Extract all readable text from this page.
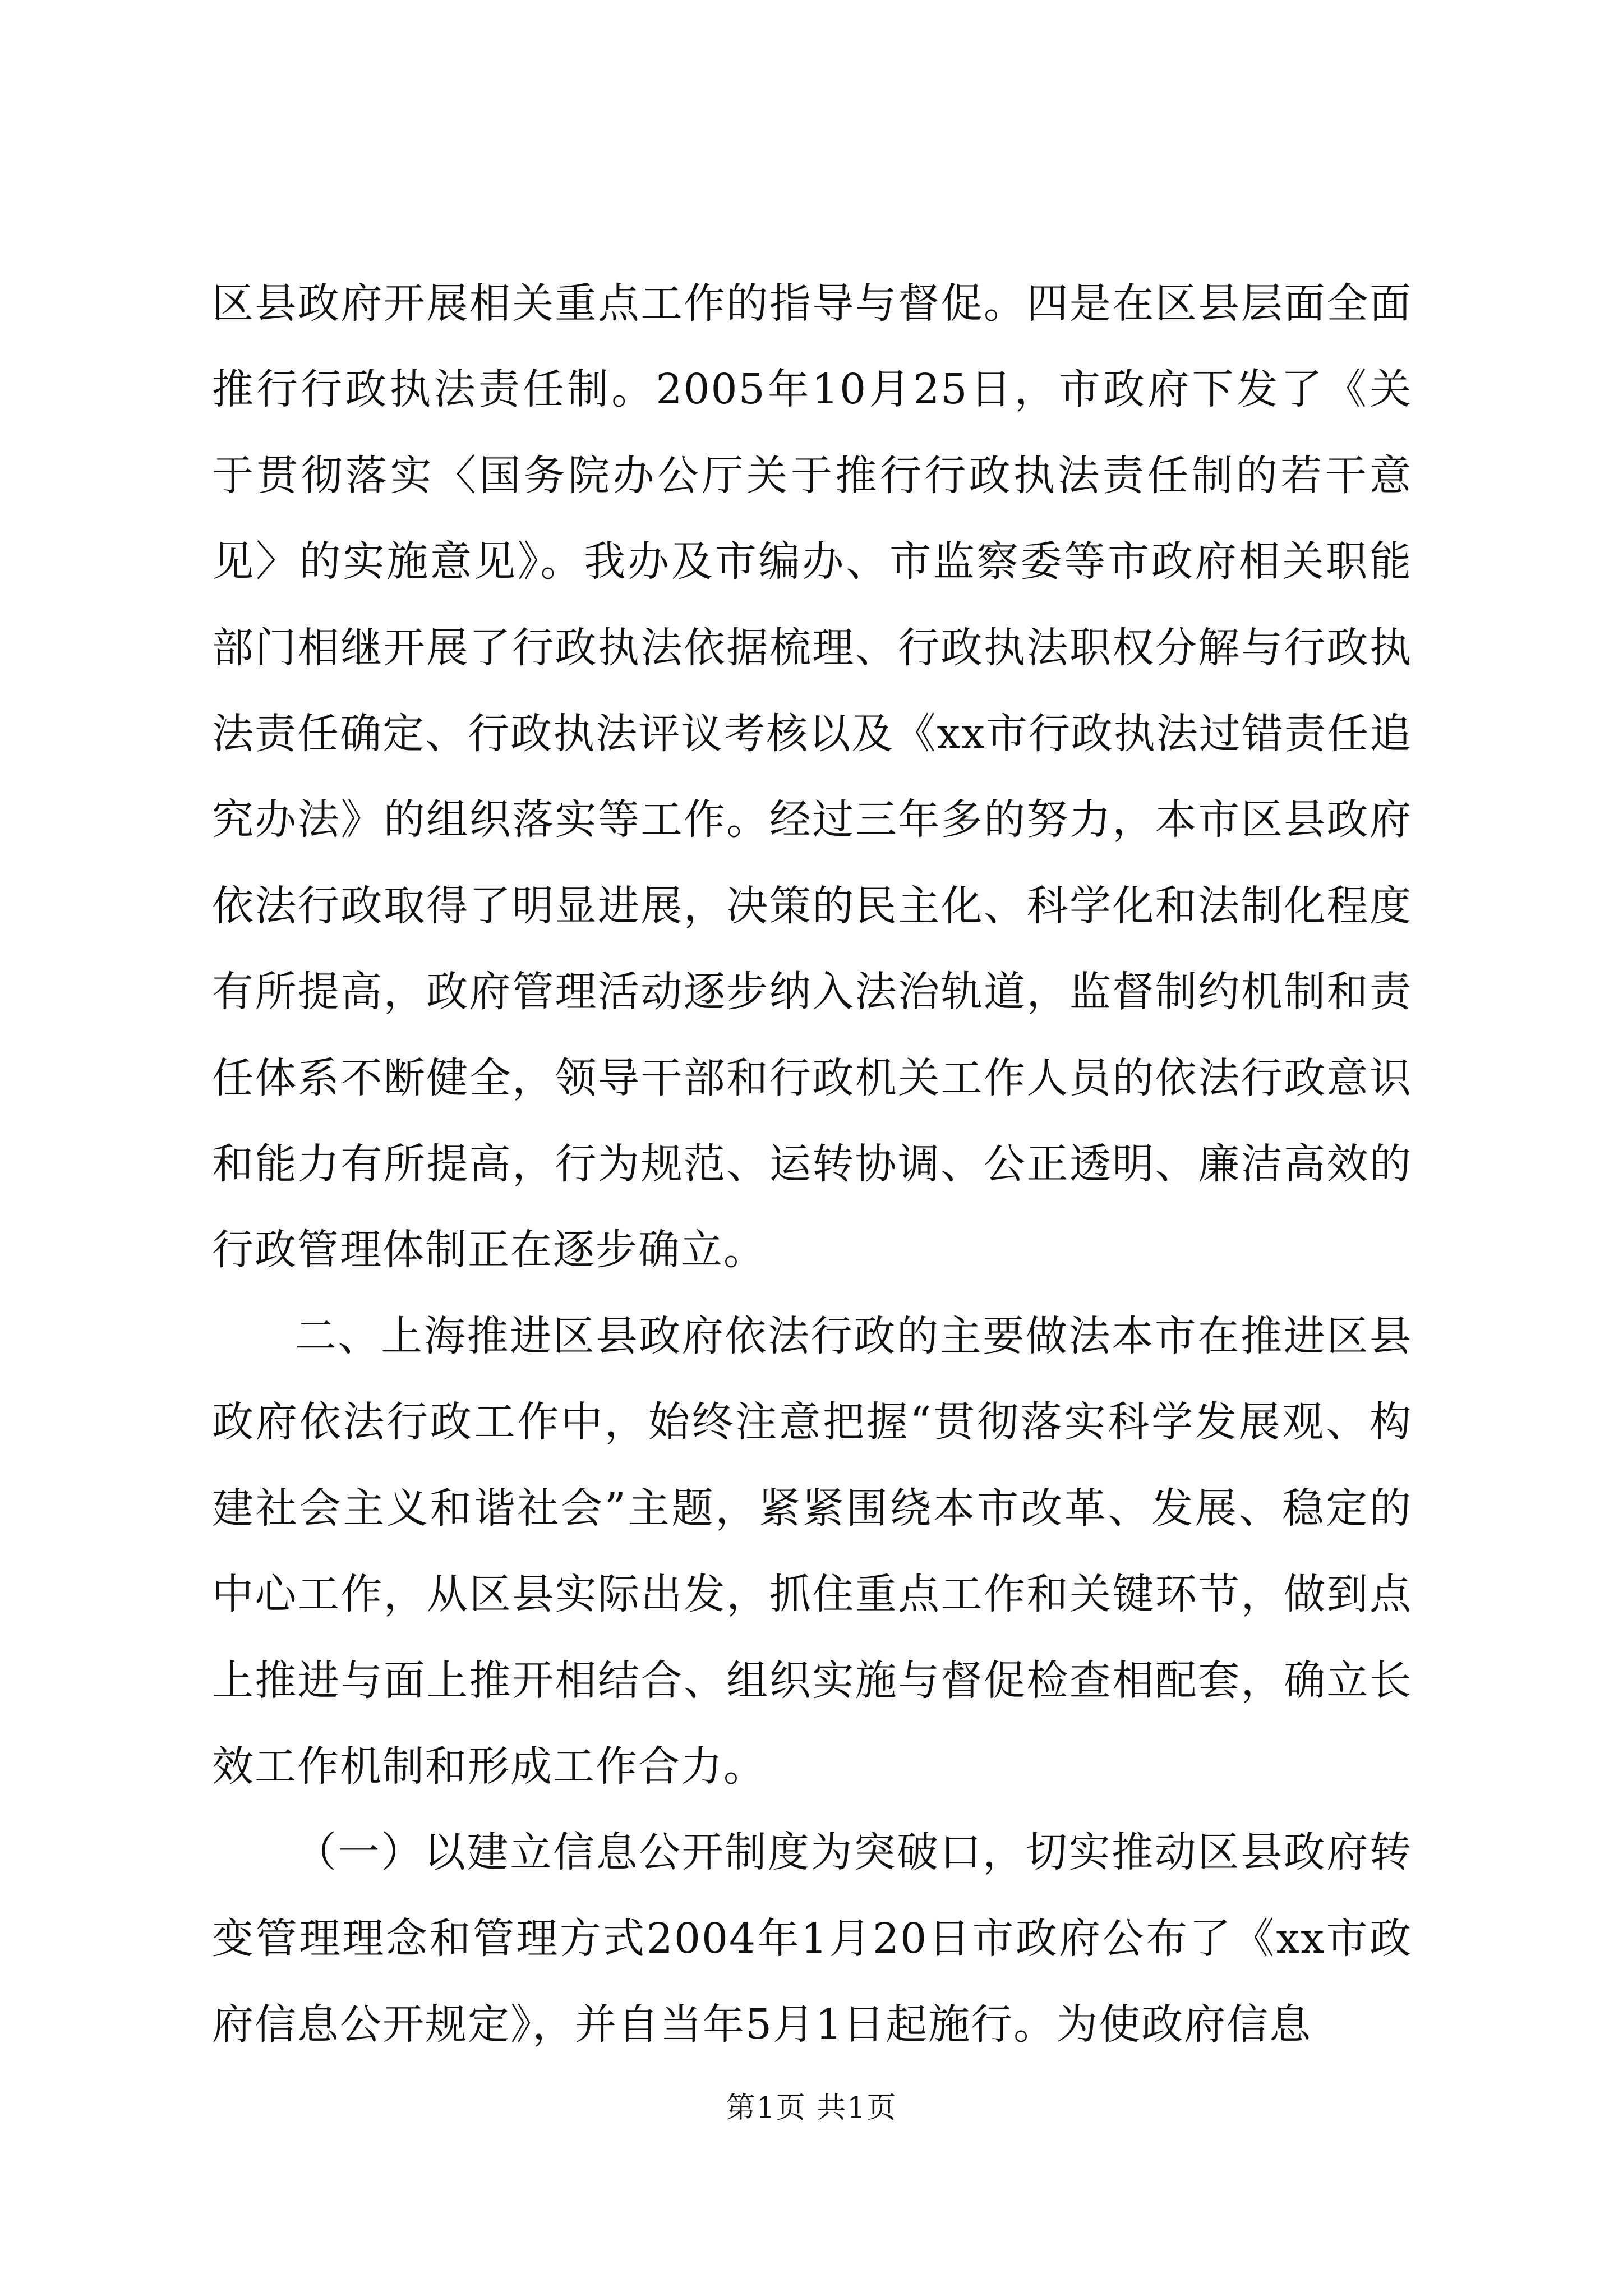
区县政府开展相关重点工作的指导与督促。四是在区县层面全面推行行政执法责任制。2005年10月25日，市政府下发了《关于贯彻落实〈国务院办公厅关于推行行政执法责任制的若干意见〉的实施意见》。我办及市编办、市监察委等市政府相关职能部门相继开展了行政执法依据梳理、行政执法职权分解与行政执法责任确定、行政执法评议考核以及《xx市行政执法过错责任追究办法》的组织落实等工作。经过三年多的努力，本市区县政府依法行政取得了明显进展，决策的民主化、科学化和法制化程度有所提高，政府管理活动逐步纳入法治轨道，监督制约机制和责任体系不断健全，领导干部和行政机关工作人员的依法行政意识和能力有所提高，行为规范、运转协调、公正透明、廉洁高效的行政管理体制正在逐步确立。

二、上海推进区县政府依法行政的主要做法本市在推进区县政府依法行政工作中，始终注意把握“贯彻落实科学发展观、构建社会主义和谐社会”主题，紧紧围绕本市改革、发展、稳定的中心工作，从区县实际出发，抓住重点工作和关键环节，做到点上推进与面上推开相结合、组织实施与督促检查相配套，确立长效工作机制和形成工作合力。

（一）以建立信息公开制度为突破口，切实推动区县政府转变管理理念和管理方式2004年1月20日市政府公布了《xx市政府信息公开规定》，并自当年5月1日起施行。为使政府信息

第1页 共1页
